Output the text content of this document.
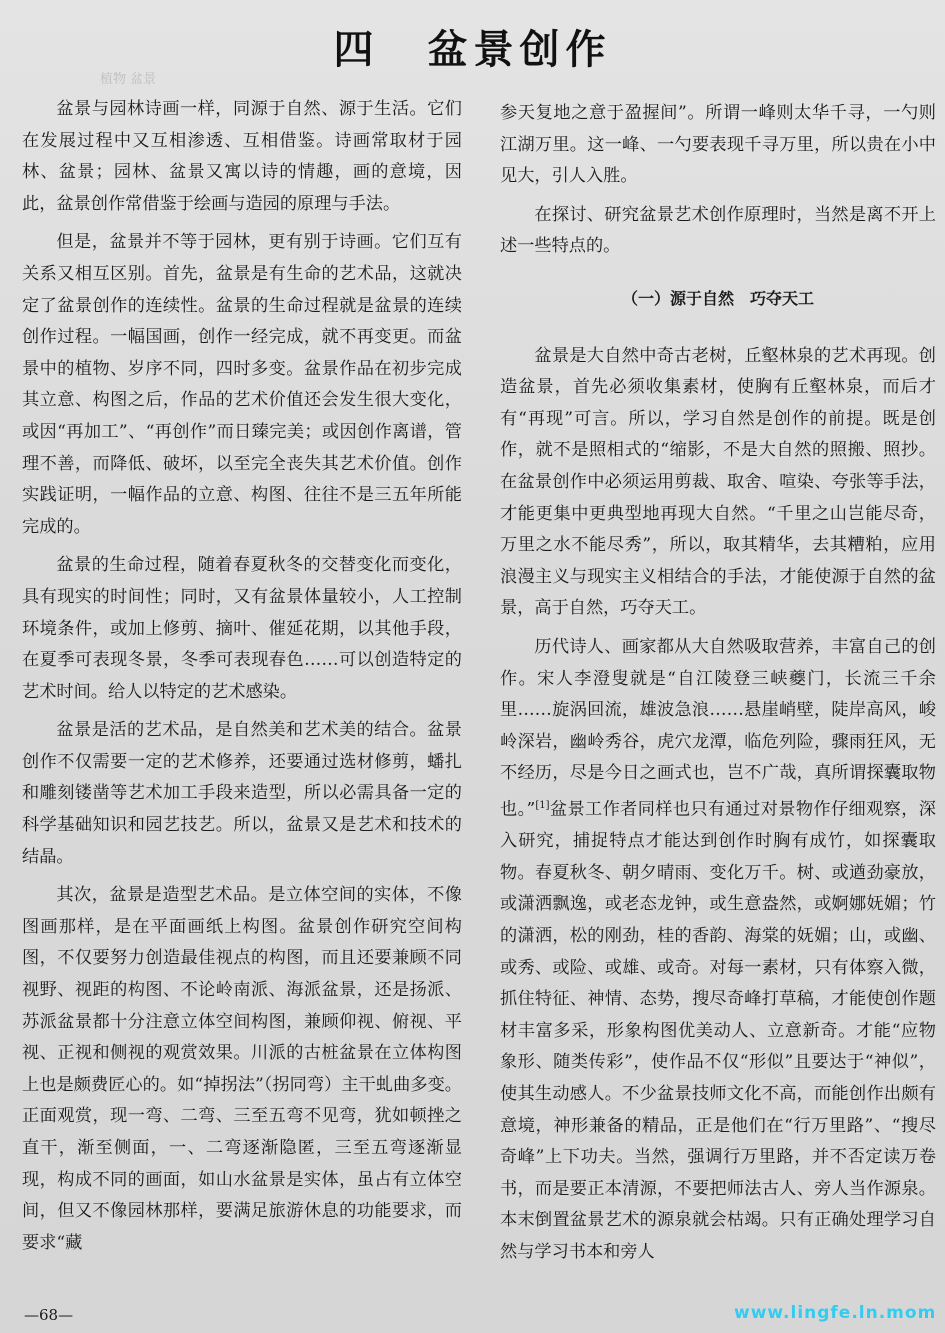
四 盆景创作
植物 盆景

盆景与园林诗画一样，同源于自然、源于生活。它们在发展过程中又互相渗透、互相借鉴。诗画常取材于园林、盆景；园林、盆景又寓以诗的情趣，画的意境，因此，盆景创作常借鉴于绘画与造园的原理与手法。

但是，盆景并不等于园林，更有别于诗画。它们互有关系又相互区别。首先，盆景是有生命的艺术品，这就决定了盆景创作的连续性。盆景的生命过程就是盆景的连续创作过程。一幅国画，创作一经完成，就不再变更。而盆景中的植物、岁序不同，四时多变。盆景作品在初步完成其立意、构图之后，作品的艺术价值还会发生很大变化，或因“再加工”、“再创作”而日臻完美；或因创作离谱，管理不善，而降低、破坏，以至完全丧失其艺术价值。创作实践证明，一幅作品的立意、构图、往往不是三五年所能完成的。

盆景的生命过程，随着春夏秋冬的交替变化而变化，具有现实的时间性；同时，又有盆景体量较小，人工控制环境条件，或加上修剪、摘叶、催延花期，以其他手段，在夏季可表现冬景，冬季可表现春色……可以创造特定的艺术时间。给人以特定的艺术感染。

盆景是活的艺术品，是自然美和艺术美的结合。盆景创作不仅需要一定的艺术修养，还要通过选材修剪，蟠扎和雕刻镂凿等艺术加工手段来造型，所以必需具备一定的科学基础知识和园艺技艺。所以，盆景又是艺术和技术的结晶。

其次，盆景是造型艺术品。是立体空间的实体，不像图画那样，是在平面画纸上构图。盆景创作研究空间构图，不仅要努力创造最佳视点的构图，而且还要兼顾不同视野、视距的构图、不论岭南派、海派盆景，还是扬派、苏派盆景都十分注意立体空间构图，兼顾仰视、俯视、平视、正视和侧视的观赏效果。川派的古桩盆景在立体构图上也是颇费匠心的。如“掉拐法”（拐同弯）主干虬曲多变。正面观赏，现一弯、二弯、三至五弯不见弯，犹如顿挫之直干，渐至侧面，一、二弯逐渐隐匿，三至五弯逐渐显现，构成不同的画面，如山水盆景是实体，虽占有立体空间，但又不像园林那样，要满足旅游休息的功能要求，而要求“藏

参天复地之意于盈握间”。所谓一峰则太华千寻，一勺则江湖万里。这一峰、一勺要表现千寻万里，所以贵在小中见大，引人入胜。

在探讨、研究盆景艺术创作原理时，当然是离不开上述一些特点的。

（一）源于自然　巧夺天工

盆景是大自然中奇古老树，丘壑林泉的艺术再现。创造盆景，首先必须收集素材，使胸有丘壑林泉，而后才有“再现”可言。所以，学习自然是创作的前提。既是创作，就不是照相式的“缩影，不是大自然的照搬、照抄。在盆景创作中必须运用剪裁、取舍、喧染、夸张等手法，才能更集中更典型地再现大自然。“千里之山岂能尽奇，万里之水不能尽秀”，所以，取其精华，去其糟粕，应用浪漫主义与现实主义相结合的手法，才能使源于自然的盆景，高于自然，巧夺天工。

历代诗人、画家都从大自然吸取营养，丰富自己的创作。宋人李澄叟就是“自江陵登三峡夔门，长流三千余里……旋涡回流，雄波急浪……悬崖峭壁，陡岸高风，峻岭深岩，幽岭秀谷，虎穴龙潭，临危列险，骤雨狂风，无不经历，尽是今日之画式也，岂不广哉，真所谓探囊取物也。”[1]盆景工作者同样也只有通过对景物作仔细观察，深入研究，捕捉特点才能达到创作时胸有成竹，如探囊取物。春夏秋冬、朝夕晴雨、变化万千。树、或遒劲豪放，或潇洒飘逸，或老态龙钟，或生意盎然，或婀娜妩媚；竹的潇洒，松的刚劲，桂的香韵、海棠的妩媚；山，或幽、或秀、或险、或雄、或奇。对每一素材，只有体察入微，抓住特征、神情、态势，搜尽奇峰打草稿，才能使创作题材丰富多采，形象构图优美动人、立意新奇。才能“应物象形、随类传彩”，使作品不仅“形似”且要达于“神似”，使其生动感人。不少盆景技师文化不高，而能创作出颇有意境，神形兼备的精品，正是他们在“行万里路”、“搜尽奇峰”上下功夫。当然，强调行万里路，并不否定读万卷书，而是要正本清源，不要把师法古人、旁人当作源泉。本末倒置盆景艺术的源泉就会枯竭。只有正确处理学习自然与学习书本和旁人

—68—	www.lingfe.ln.mom
